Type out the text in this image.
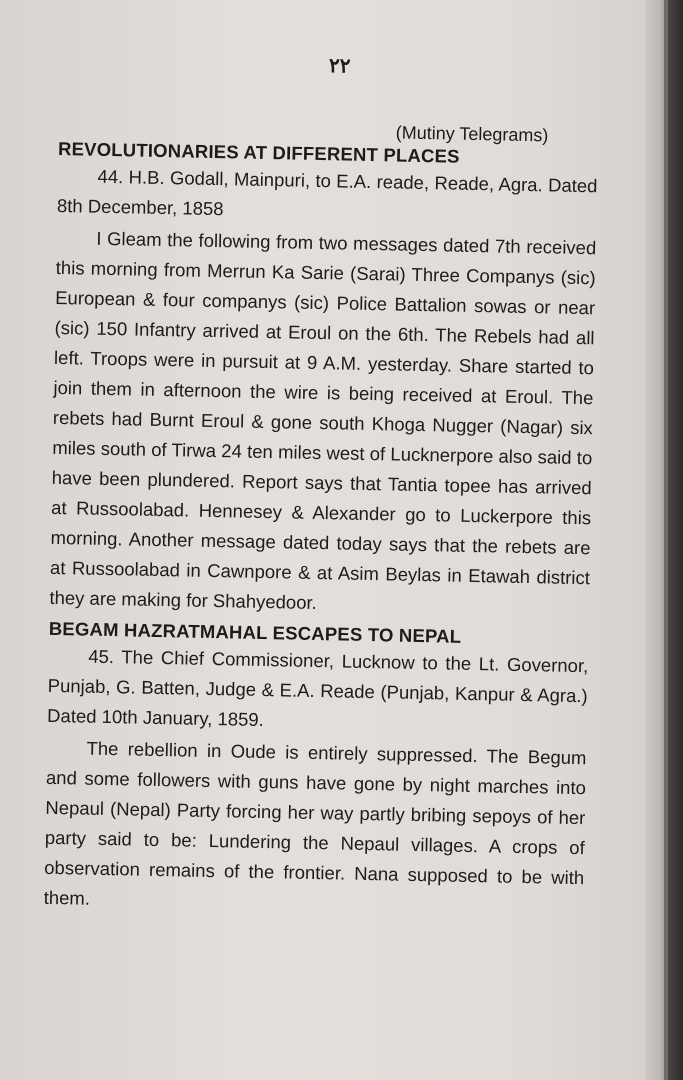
٢٢

(Mutiny Telegrams)

REVOLUTIONARIES AT DIFFERENT PLACES

44. H.B. Godall, Mainpuri, to E.A. reade, Reade, Agra. Dated 8th December, 1858

I Gleam the following from two messages dated 7th received this morning from Merrun Ka Sarie (Sarai) Three Companys (sic) European & four companys (sic) Police Battalion sowas or near (sic) 150 Infantry arrived at Eroul on the 6th. The Rebels had all left. Troops were in pursuit at 9 A.M. yesterday. Share started to join them in afternoon the wire is being received at Eroul. The rebets had Burnt Eroul & gone south Khoga Nugger (Nagar) six miles south of Tirwa 24 ten miles west of Lucknerpore also said to have been plundered. Report says that Tantia topee has arrived at Russoolabad. Hennesey & Alexander go to Luckerpore this morning. Another message dated today says that the rebets are at Russoolabad in Cawnpore & at Asim Beylas in Etawah district they are making for Shahyedoor.

BEGAM HAZRATMAHAL ESCAPES TO NEPAL

45. The Chief Commissioner, Lucknow to the Lt. Governor, Punjab, G. Batten, Judge & E.A. Reade (Punjab, Kanpur & Agra.) Dated 10th January, 1859.

The rebellion in Oude is entirely suppressed. The Begum and some followers with guns have gone by night marches into Nepaul (Nepal) Party forcing her way partly bribing sepoys of her party said to be: Lundering the Nepaul villages. A crops of observation remains of the frontier. Nana supposed to be with them.
